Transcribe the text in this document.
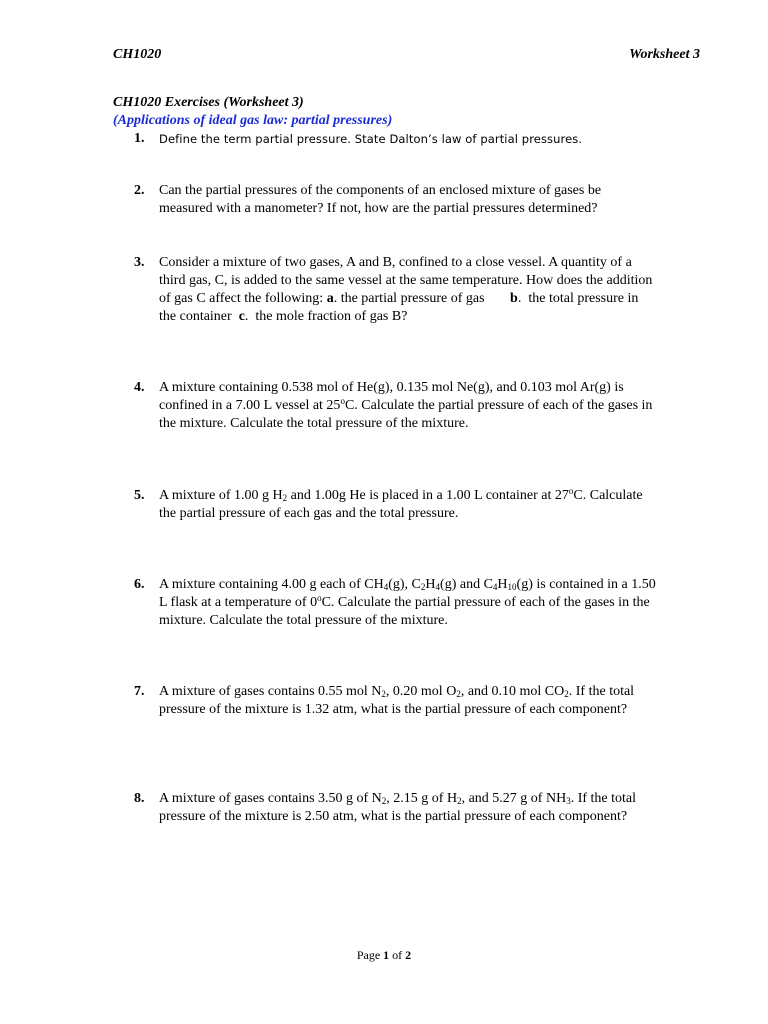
CH1020	Worksheet 3
CH1020 Exercises (Worksheet 3)
(Applications of ideal gas law: partial pressures)
1. Define the term partial pressure. State Dalton’s law of partial pressures.
2. Can the partial pressures of the components of an enclosed mixture of gases be measured with a manometer? If not, how are the partial pressures determined?
3. Consider a mixture of two gases, A and B, confined to a close vessel. A quantity of a third gas, C, is added to the same vessel at the same temperature. How does the addition of gas C affect the following: a. the partial pressure of gas b.  the total pressure in the container  c.  the mole fraction of gas B?
4. A mixture containing 0.538 mol of He(g), 0.135 mol Ne(g), and 0.103 mol Ar(g) is confined in a 7.00 L vessel at 25$^o$C. Calculate the partial pressure of each of the gases in the mixture. Calculate the total pressure of the mixture.
5. A mixture of 1.00 g $H_2$ and 1.00g He is placed in a 1.00 L container at 27$^o$C. Calculate the partial pressure of each gas and the total pressure.
6. A mixture containing 4.00 g each of $CH_4(g)$, $C_2H_4(g)$ and $C_4H_{10}(g)$ is contained in a 1.50 L flask at a temperature of 0$^o$C. Calculate the partial pressure of each of the gases in the mixture. Calculate the total pressure of the mixture.
7. A mixture of gases contains 0.55 mol $N_2$, 0.20 mol $O_2$, and 0.10 mol $CO_2$. If the total pressure of the mixture is 1.32 atm, what is the partial pressure of each component?
8. A mixture of gases contains 3.50 g of $N_2$, 2.15 g of $H_2$, and 5.27 g of $NH_3$. If the total pressure of the mixture is 2.50 atm, what is the partial pressure of each component?
Page 1 of 2
